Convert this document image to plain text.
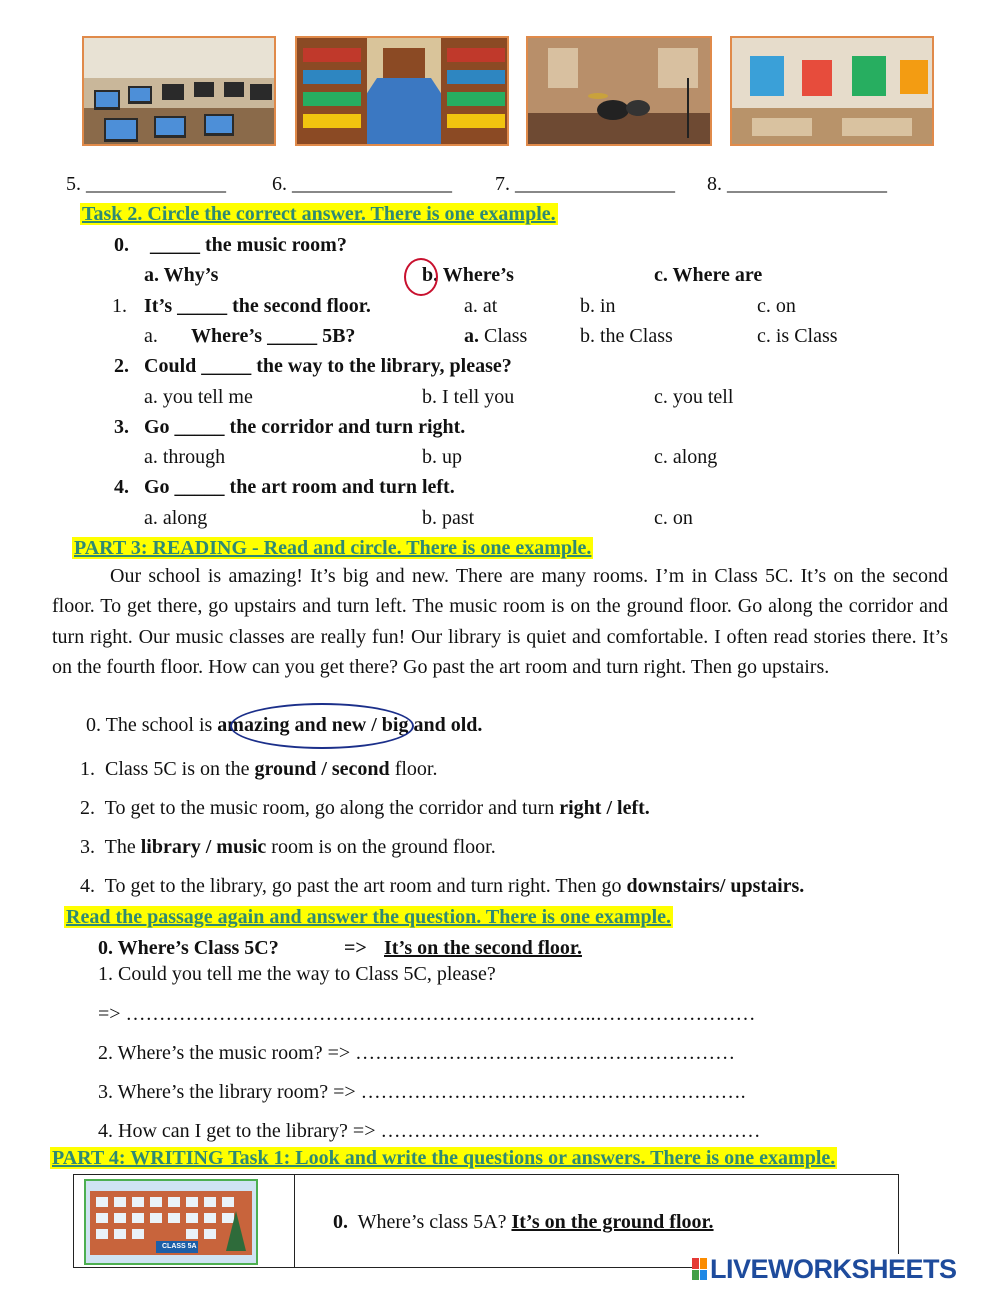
5. ______________ 6. ________________ 7. ________________ 8. ________________
Task 2. Circle the correct answer. There is one example.
0. _____ the music room?
a. Why’s	b. Where’s	c. Where are
1. It’s _____ the second floor.	a. at	b. in	c. on
a. Where’s _____ 5B?	a. Class	b. the Class	c. is Class
2. Could _____ the way to the library, please?
a. you tell me	b. I tell you	c. you tell
3. Go _____ the corridor and turn right.
a. through	b. up	c. along
4. Go _____ the art room and turn left.
a. along	b. past	c. on
PART 3: READING - Read and circle. There is one example.
Our school is amazing! It’s big and new. There are many rooms. I’m in Class 5C. It’s on the second floor. To get there, go upstairs and turn left. The music room is on the ground floor. Go along the corridor and turn right. Our music classes are really fun! Our library is quiet and comfortable. I often read stories there. It’s on the fourth floor. How can you get there? Go past the art room and turn right. Then go upstairs.
0. The school is amazing and new / big and old.
1. Class 5C is on the ground / second floor.
2. To get to the music room, go along the corridor and turn right / left.
3. The library / music room is on the ground floor.
4. To get to the library, go past the art room and turn right. Then go downstairs/ upstairs.
Read the passage again and answer the question. There is one example.
0. Where’s Class 5C?	=> It’s on the second floor.
1. Could you tell me the way to Class 5C, please?
=> ……………………………………………………………..……………………
2. Where’s the music room? => …………………………………………………
3. Where’s the library room? => ………………………………………………….
4. How can I get to the library? => …………………………………………………
PART 4: WRITING Task 1: Look and write the questions or answers. There is one example.
CLASS 5A
0. Where’s class 5A? It’s on the ground floor.
LIVEWORKSHEETS
